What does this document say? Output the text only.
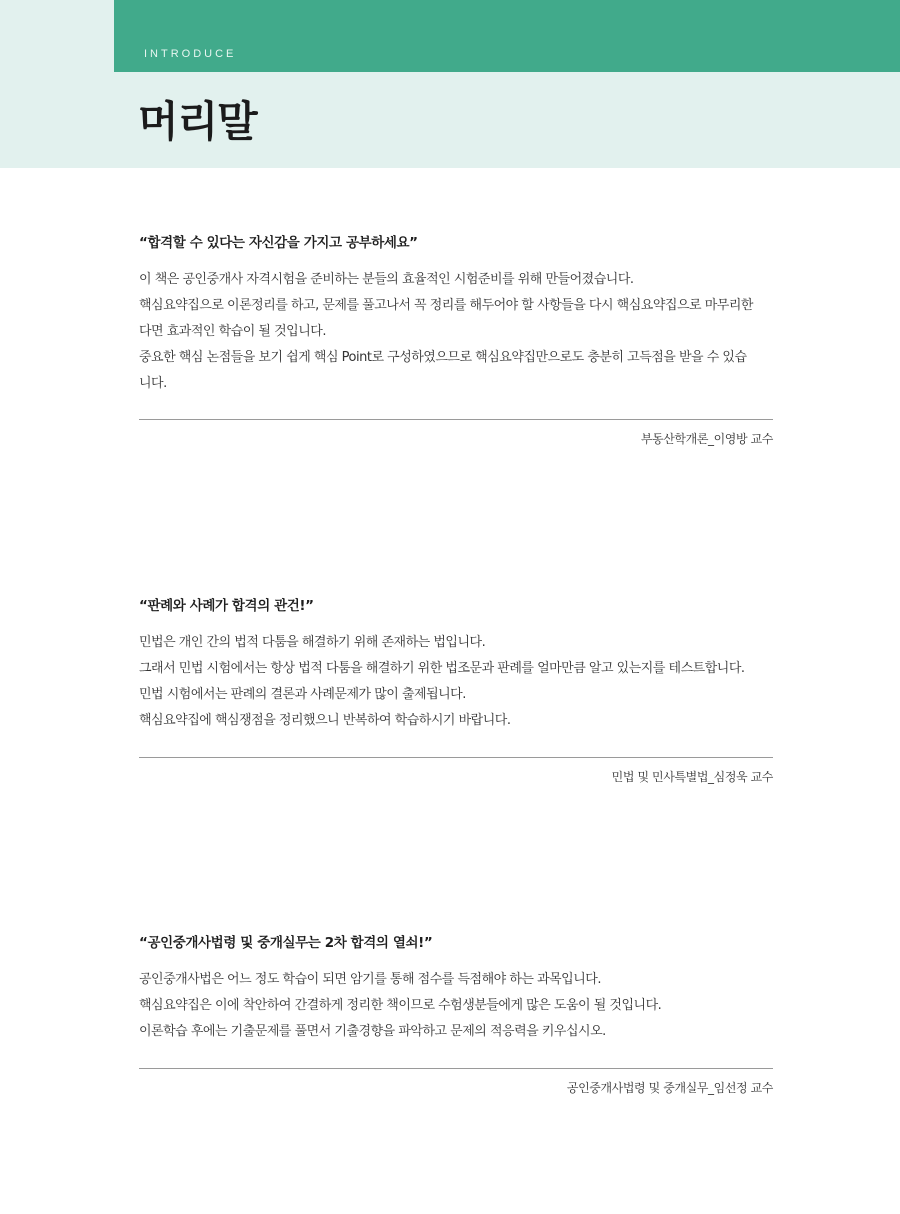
INTRODUCE
머리말
“합격할 수 있다는 자신감을 가지고 공부하세요”
이 책은 공인중개사 자격시험을 준비하는 분들의 효율적인 시험준비를 위해 만들어졌습니다.
핵심요약집으로 이론정리를 하고, 문제를 풀고나서 꼭 정리를 해두어야 할 사항들을 다시 핵심요약집으로 마무리한
다면 효과적인 학습이 될 것입니다.
중요한 핵심 논점들을 보기 쉽게 핵심 Point로 구성하였으므로 핵심요약집만으로도 충분히 고득점을 받을 수 있습
니다.
부동산학개론_이영방 교수
“판례와 사례가 합격의 관건!”
민법은 개인 간의 법적 다툼을 해결하기 위해 존재하는 법입니다.
그래서 민법 시험에서는 항상 법적 다툼을 해결하기 위한 법조문과 판례를 얼마만큼 알고 있는지를 테스트합니다.
민법 시험에서는 판례의 결론과 사례문제가 많이 출제됩니다.
핵심요약집에 핵심쟁점을 정리했으니 반복하여 학습하시기 바랍니다.
민법 및 민사특별법_심정욱 교수
“공인중개사법령 및 중개실무는 2차 합격의 열쇠!”
공인중개사법은 어느 정도 학습이 되면 암기를 통해 점수를 득점해야 하는 과목입니다.
핵심요약집은 이에 착안하여 간결하게 정리한 책이므로 수험생분들에게 많은 도움이 될 것입니다.
이론학습 후에는 기출문제를 풀면서 기출경향을 파악하고 문제의 적응력을 키우십시오.
공인중개사법령 및 중개실무_임선정 교수
